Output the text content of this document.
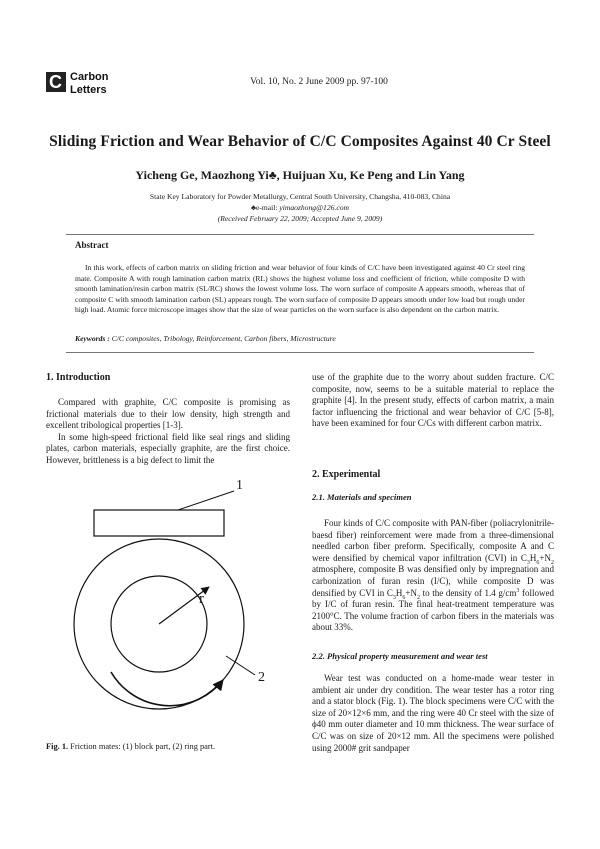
C Carbon
Letters
Vol. 10, No. 2 June 2009 pp. 97-100
Sliding Friction and Wear Behavior of C/C Composites Against 40 Cr Steel
Yicheng Ge, Maozhong Yi♣, Huijuan Xu, Ke Peng and Lin Yang
State Key Laboratory for Powder Metallurgy, Central South University, Changsha, 410-083, China
♣e-mail: yimaozhong@126.com
(Received February 22, 2009; Accepted June 9, 2009)
Abstract
In this work, effects of carbon matrix on sliding friction and wear behavior of four kinds of C/C have been investigated against 40 Cr steel ring mate. Composite A with rough lamination carbon matrix (RL) shows the highest volume loss and coefficient of friction, while composite D with smooth lamination/resin carbon matrix (SL/RC) shows the lowest volume loss. The worn surface of composite A appears smooth, whereas that of composite C with smooth lamination carbon (SL) appears rough. The worn surface of composite D appears smooth under low load but rough under high load. Atomic force microscope images show that the size of wear particles on the worn surface is also dependent on the carbon matrix.
Keywords : C/C composites, Tribology, Reinforcement, Carbon fibers, Microstructure
1. Introduction

Compared with graphite, C/C composite is promising as frictional materials due to their low density, high strength and excellent tribological properties [1-3].

In some high-speed frictional field like seal rings and sliding plates, carbon materials, especially graphite, are the first choice. However, brittleness is a big defect to limit the

1
r
2
Fig. 1. Friction mates: (1) block part, (2) ring part.

use of the graphite due to the worry about sudden fracture. C/C composite, now, seems to be a suitable material to replace the graphite [4]. In the present study, effects of carbon matrix, a main factor influencing the frictional and wear behavior of C/C [5-8], have been examined for four C/Cs with different carbon matrix.

2. Experimental
2.1. Materials and specimen

Four kinds of C/C composite with PAN-fiber (poliacrylonitrile-baesd fiber) reinforcement were made from a three-dimensional needled carbon fiber preform. Specifically, composite A and C were densified by chemical vapor infiltration (CVI) in $C_3H_6+N_2$ atmosphere, composite B was densified only by impregnation and carbonization of furan resin (I/C), while composite D was densified by CVI in $C_3H_6+N_2$ to the density of 1.4 $g/cm^3$ followed by I/C of furan resin. The final heat-treatment temperature was 2100°C. The volume fraction of carbon fibers in the materials was about 33%.

2.2. Physical property measurement and wear test

Wear test was conducted on a home-made wear tester in ambient air under dry condition. The wear tester has a rotor ring and a stator block (Fig. 1). The block specimens were C/C with the size of 20×12×6 mm, and the ring were 40 Cr steel with the size of ϕ40 mm outer diameter and 10 mm thickness. The wear surface of C/C was on size of 20×12 mm. All the specimens were polished using 2000# grit sandpaper
